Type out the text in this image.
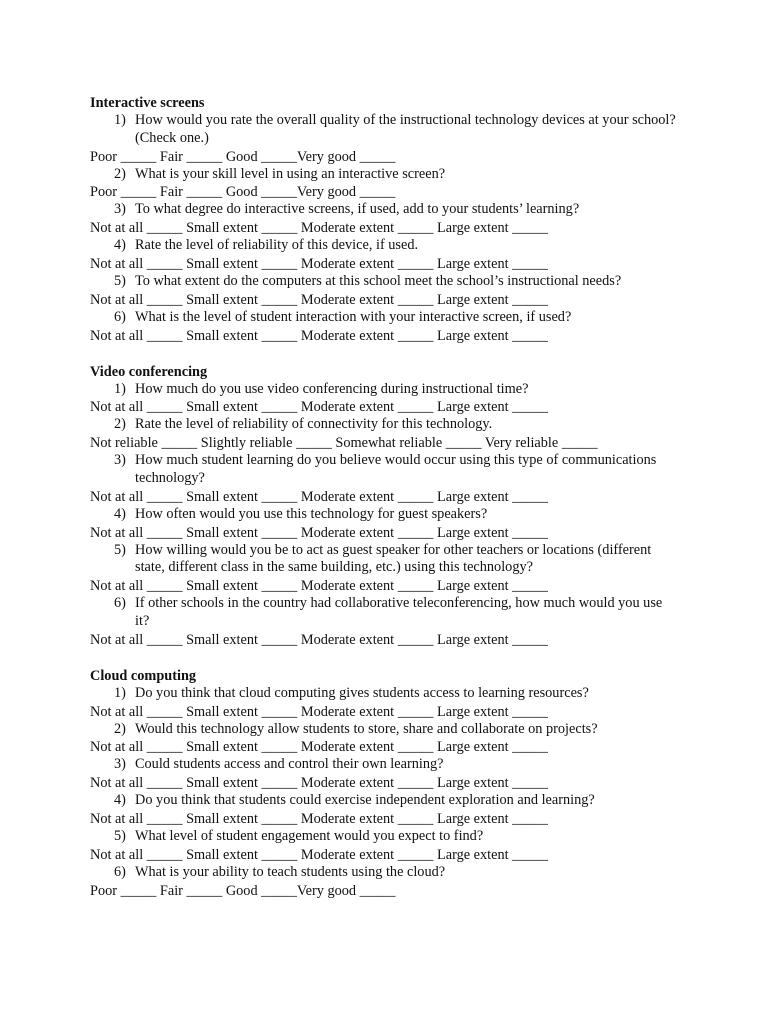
Interactive screens
1) How would you rate the overall quality of the instructional technology devices at your school? (Check one.)
Poor _____ Fair _____ Good _____Very good _____
2) What is your skill level in using an interactive screen?
Poor _____ Fair _____ Good _____Very good _____
3) To what degree do interactive screens, if used, add to your students’ learning?
Not at all _____ Small extent _____ Moderate extent _____ Large extent _____
4) Rate the level of reliability of this device, if used.
Not at all _____ Small extent _____ Moderate extent _____ Large extent _____
5) To what extent do the computers at this school meet the school’s instructional needs?
Not at all _____ Small extent _____ Moderate extent _____ Large extent _____
6) What is the level of student interaction with your interactive screen, if used?
Not at all _____ Small extent _____ Moderate extent _____ Large extent _____
Video conferencing
1) How much do you use video conferencing during instructional time?
Not at all _____ Small extent _____ Moderate extent _____ Large extent _____
2) Rate the level of reliability of connectivity for this technology.
Not reliable _____ Slightly reliable _____ Somewhat reliable _____ Very reliable _____
3) How much student learning do you believe would occur using this type of communications technology?
Not at all _____ Small extent _____ Moderate extent _____ Large extent _____
4) How often would you use this technology for guest speakers?
Not at all _____ Small extent _____ Moderate extent _____ Large extent _____
5) How willing would you be to act as guest speaker for other teachers or locations (different state, different class in the same building, etc.) using this technology?
Not at all _____ Small extent _____ Moderate extent _____ Large extent _____
6) If other schools in the country had collaborative teleconferencing, how much would you use it?
Not at all _____ Small extent _____ Moderate extent _____ Large extent _____
Cloud computing
1) Do you think that cloud computing gives students access to learning resources?
Not at all _____ Small extent _____ Moderate extent _____ Large extent _____
2) Would this technology allow students to store, share and collaborate on projects?
Not at all _____ Small extent _____ Moderate extent _____ Large extent _____
3) Could students access and control their own learning?
Not at all _____ Small extent _____ Moderate extent _____ Large extent _____
4) Do you think that students could exercise independent exploration and learning?
Not at all _____ Small extent _____ Moderate extent _____ Large extent _____
5) What level of student engagement would you expect to find?
Not at all _____ Small extent _____ Moderate extent _____ Large extent _____
6) What is your ability to teach students using the cloud?
Poor _____ Fair _____ Good _____Very good _____
